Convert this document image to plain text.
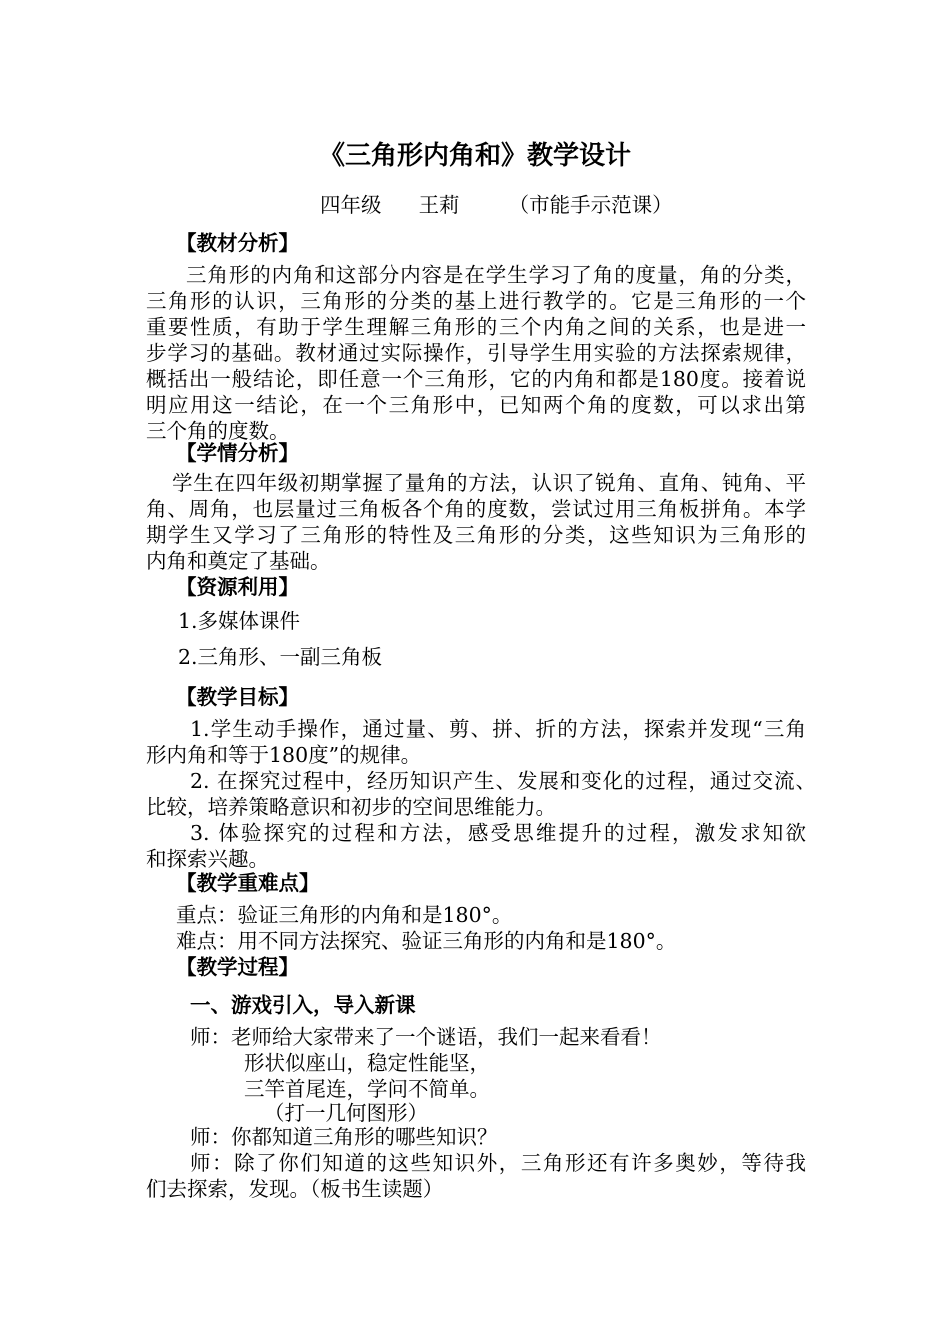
《三角形内角和》教学设计
四年级 王莉 （市能手示范课）
【教材分析】
三角形的内角和这部分内容是在学生学习了角的度量，角的分类，
三角形的认识，三角形的分类的基上进行教学的。它是三角形的一个
重要性质，有助于学生理解三角形的三个内角之间的关系，也是进一
步学习的基础。教材通过实际操作，引导学生用实验的方法探索规律，
概括出一般结论，即任意一个三角形，它的内角和都是180度。接着说
明应用这一结论，在一个三角形中，已知两个角的度数，可以求出第
三个角的度数。
【学情分析】
学生在四年级初期掌握了量角的方法，认识了锐角、直角、钝角、平
角、周角，也层量过三角板各个角的度数，尝试过用三角板拼角。本学
期学生又学习了三角形的特性及三角形的分类，这些知识为三角形的
内角和奠定了基础。
【资源利用】
1.多媒体课件
2.三角形、一副三角板
【教学目标】
1.学生动手操作，通过量、剪、拼、折的方法，探索并发现“三角
形内角和等于180度”的规律。
2. 在探究过程中，经历知识产生、发展和变化的过程，通过交流、
比较，培养策略意识和初步的空间思维能力。
3. 体验探究的过程和方法，感受思维提升的过程，激发求知欲
和探索兴趣。
【教学重难点】
重点：验证三角形的内角和是180°。
难点：用不同方法探究、验证三角形的内角和是180°。
【教学过程】
一、游戏引入，导入新课
师：老师给大家带来了一个谜语，我们一起来看看！
形状似座山，稳定性能坚，
三竿首尾连，学问不简单。
（打一几何图形）
师：你都知道三角形的哪些知识？
师：除了你们知道的这些知识外，三角形还有许多奥妙，等待我
们去探索，发现。（板书生读题）
